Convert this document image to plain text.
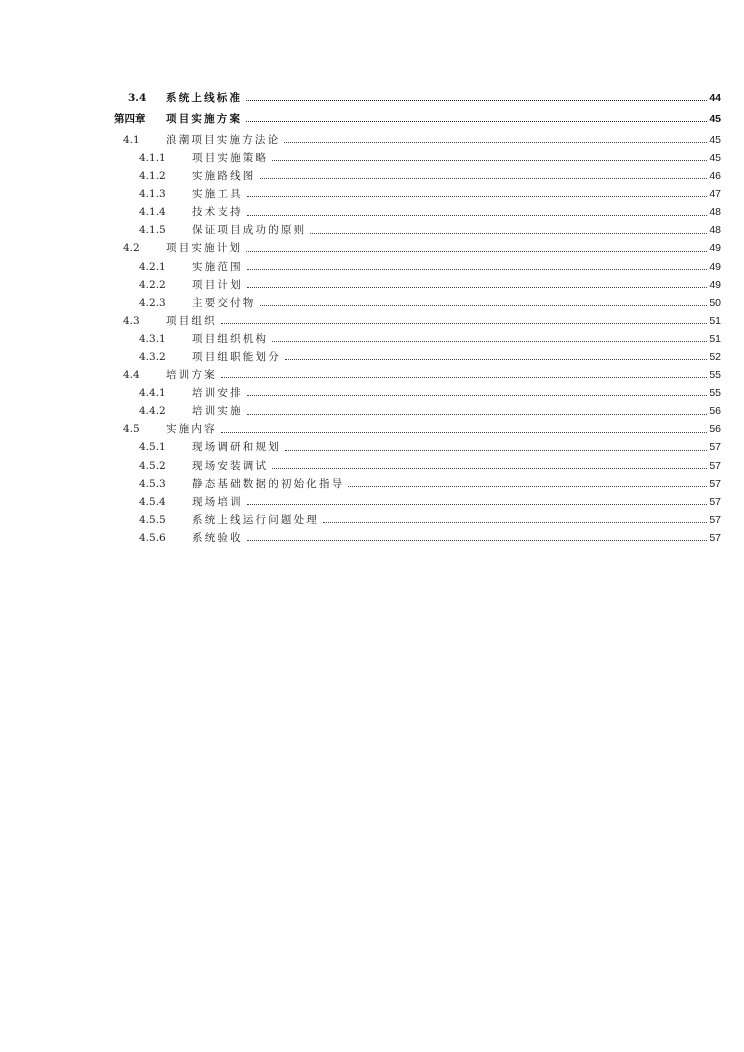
3.4 系统上线标准	44
第四章 项目实施方案	45
4.1	浪潮项目实施方法论	45
4.1.1	项目实施策略	45
4.1.2	实施路线图	46
4.1.3	实施工具	47
4.1.4	技术支持	48
4.1.5	保证项目成功的原则	48
4.2	项目实施计划	49
4.2.1	实施范围	49
4.2.2	项目计划	49
4.2.3	主要交付物	50
4.3	项目组织	51
4.3.1	项目组织机构	51
4.3.2	项目组职能划分	52
4.4	培训方案	55
4.4.1	培训安排	55
4.4.2	培训实施	56
4.5	实施内容	56
4.5.1	现场调研和规划	57
4.5.2	现场安装调试	57
4.5.3	静态基础数据的初始化指导	57
4.5.4	现场培训	57
4.5.5	系统上线运行问题处理	57
4.5.6	系统验收	57
